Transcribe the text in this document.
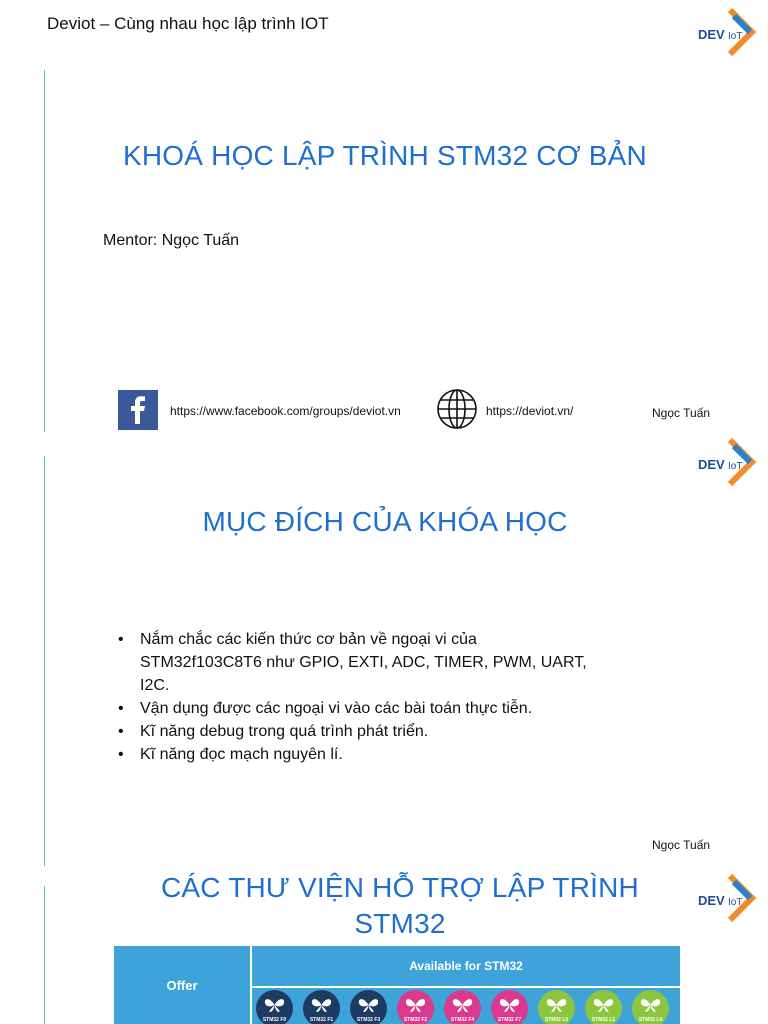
Deviot – Cùng nhau học lập trình IOT
DEV IoT
DEV IoT
DEV IoT
KHOÁ HỌC LẬP TRÌNH STM32 CƠ BẢN
Mentor: Ngọc Tuấn
https://www.facebook.com/groups/deviot.vn	https://deviot.vn/	Ngọc Tuấn
MỤC ĐÍCH CỦA KHÓA HỌC
• Nắm chắc các kiến thức cơ bản về ngoại vi của STM32f103C8T6 như GPIO, EXTI, ADC, TIMER, PWM, UART, I2C.
• Vận dụng được các ngoại vi vào các bài toán thực tiễn.
• Kĩ năng debug trong quá trình phát triển.
• Kĩ năng đọc mạch nguyên lí.
Ngọc Tuấn
CÁC THƯ VIỆN HỖ TRỢ LẬP TRÌNH
STM32
Offer
Available for STM32
STM32 F0	STM32 F1	STM32 F3	STM32 F2	STM32 F4	STM32 F7	STM32 L0	STM32 L1	STM32 L4
